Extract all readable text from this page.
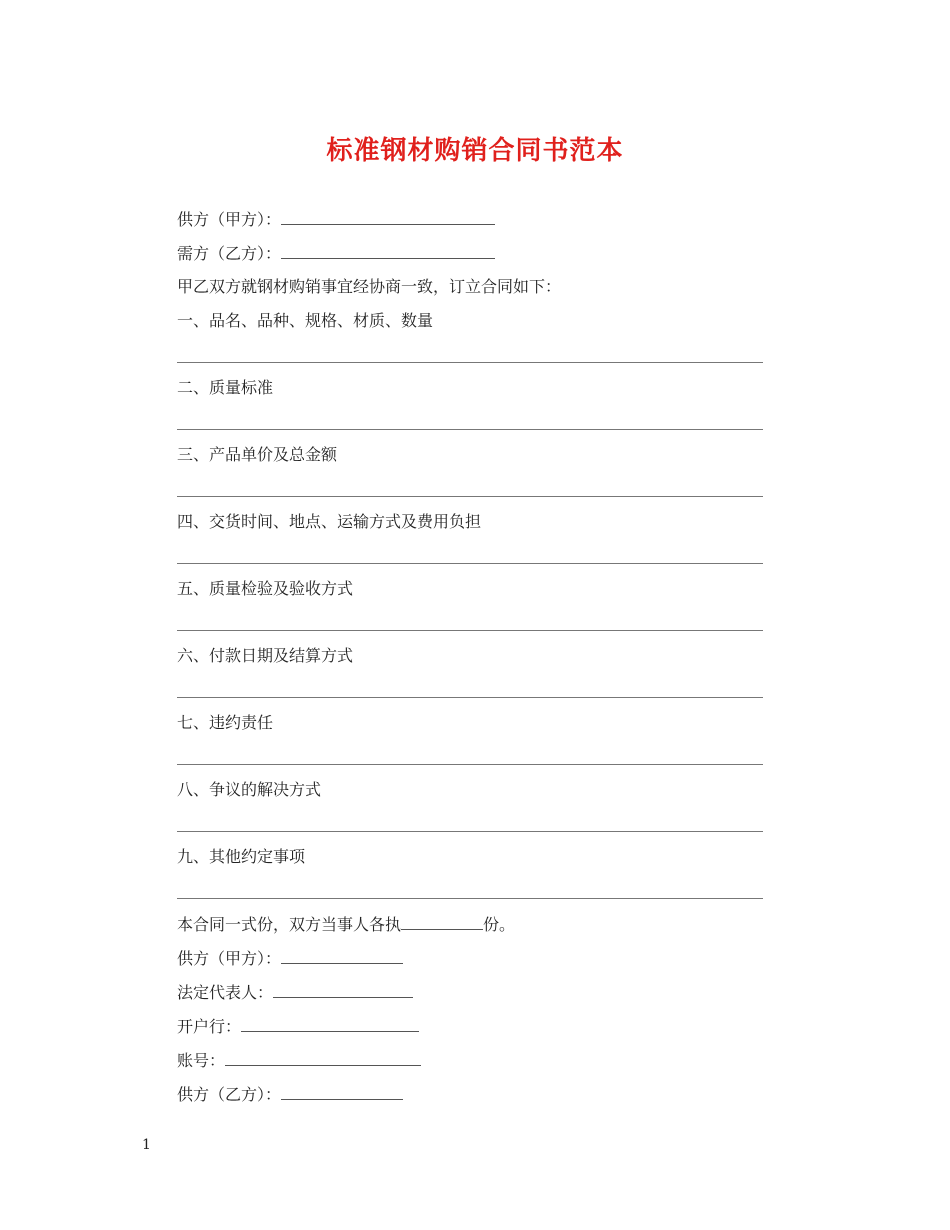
标准钢材购销合同书范本
供方（甲方）：
需方（乙方）：
甲乙双方就钢材购销事宜经协商一致，订立合同如下：
一、品名、品种、规格、材质、数量
二、质量标准
三、产品单价及总金额
四、交货时间、地点、运输方式及费用负担
五、质量检验及验收方式
六、付款日期及结算方式
七、违约责任
八、争议的解决方式
九、其他约定事项
本合同一式份，双方当事人各执	份。
供方（甲方）：
法定代表人：
开户行：
账号：
供方（乙方）：
1
